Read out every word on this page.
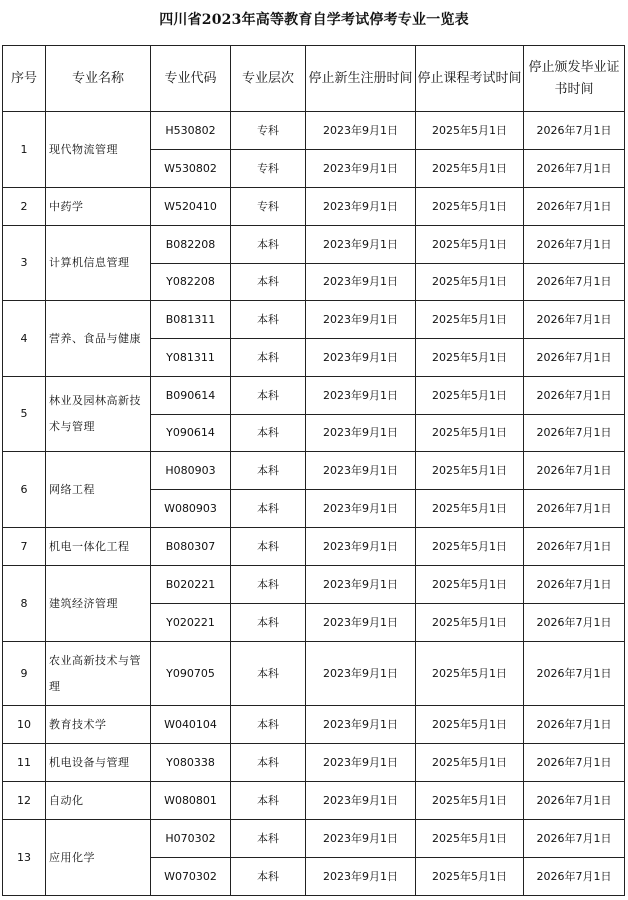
四川省2023年高等教育自学考试停考专业一览表
序号	专业名称	专业代码	专业层次	停止新生注册时间	停止课程考试时间	停止颁发毕业证书时间
1	现代物流管理	H530802	专科	2023年9月1日	2025年5月1日	2026年7月1日
		W530802	专科	2023年9月1日	2025年5月1日	2026年7月1日
2	中药学	W520410	专科	2023年9月1日	2025年5月1日	2026年7月1日
3	计算机信息管理	B082208	本科	2023年9月1日	2025年5月1日	2026年7月1日
		Y082208	本科	2023年9月1日	2025年5月1日	2026年7月1日
4	营养、食品与健康	B081311	本科	2023年9月1日	2025年5月1日	2026年7月1日
		Y081311	本科	2023年9月1日	2025年5月1日	2026年7月1日
5	林业及园林高新技术与管理	B090614	本科	2023年9月1日	2025年5月1日	2026年7月1日
		Y090614	本科	2023年9月1日	2025年5月1日	2026年7月1日
6	网络工程	H080903	本科	2023年9月1日	2025年5月1日	2026年7月1日
		W080903	本科	2023年9月1日	2025年5月1日	2026年7月1日
7	机电一体化工程	B080307	本科	2023年9月1日	2025年5月1日	2026年7月1日
8	建筑经济管理	B020221	本科	2023年9月1日	2025年5月1日	2026年7月1日
		Y020221	本科	2023年9月1日	2025年5月1日	2026年7月1日
9	农业高新技术与管理	Y090705	本科	2023年9月1日	2025年5月1日	2026年7月1日
10	教育技术学	W040104	本科	2023年9月1日	2025年5月1日	2026年7月1日
11	机电设备与管理	Y080338	本科	2023年9月1日	2025年5月1日	2026年7月1日
12	自动化	W080801	本科	2023年9月1日	2025年5月1日	2026年7月1日
13	应用化学	H070302	本科	2023年9月1日	2025年5月1日	2026年7月1日
		W070302	本科	2023年9月1日	2025年5月1日	2026年7月1日
